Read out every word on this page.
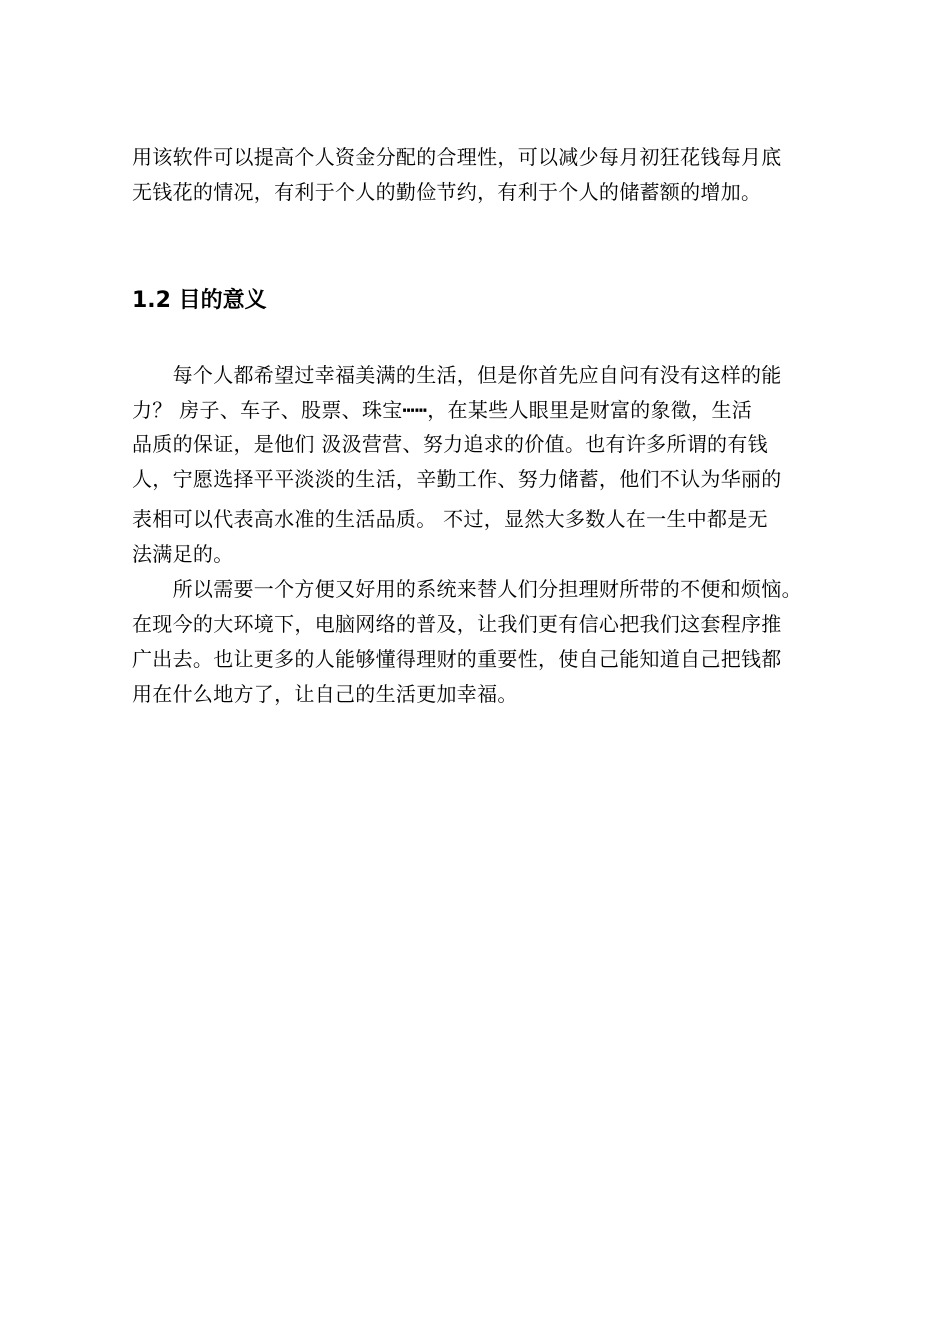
用该软件可以提高个人资金分配的合理性，可以减少每月初狂花钱每月底
无钱花的情况，有利于个人的勤俭节约，有利于个人的储蓄额的增加。
1.2 目的意义
　　每个人都希望过幸福美满的生活，但是你首先应自问有没有这样的能
力？ 房子、车子、股票、珠宝┅┅，在某些人眼里是财富的象徵，生活
品质的保证，是他们 汲汲营营、努力追求的价值。也有许多所谓的有钱
人，宁愿选择平平淡淡的生活，辛勤工作、努力储蓄，他们不认为华丽的
表相可以代表高水准的生活品质。 不过，显然大多数人在一生中都是无
法满足的。
　　所以需要一个方便又好用的系统来替人们分担理财所带的不便和烦恼。
在现今的大环境下，电脑网络的普及，让我们更有信心把我们这套程序推
广出去。也让更多的人能够懂得理财的重要性，使自己能知道自己把钱都
用在什么地方了，让自己的生活更加幸福。
